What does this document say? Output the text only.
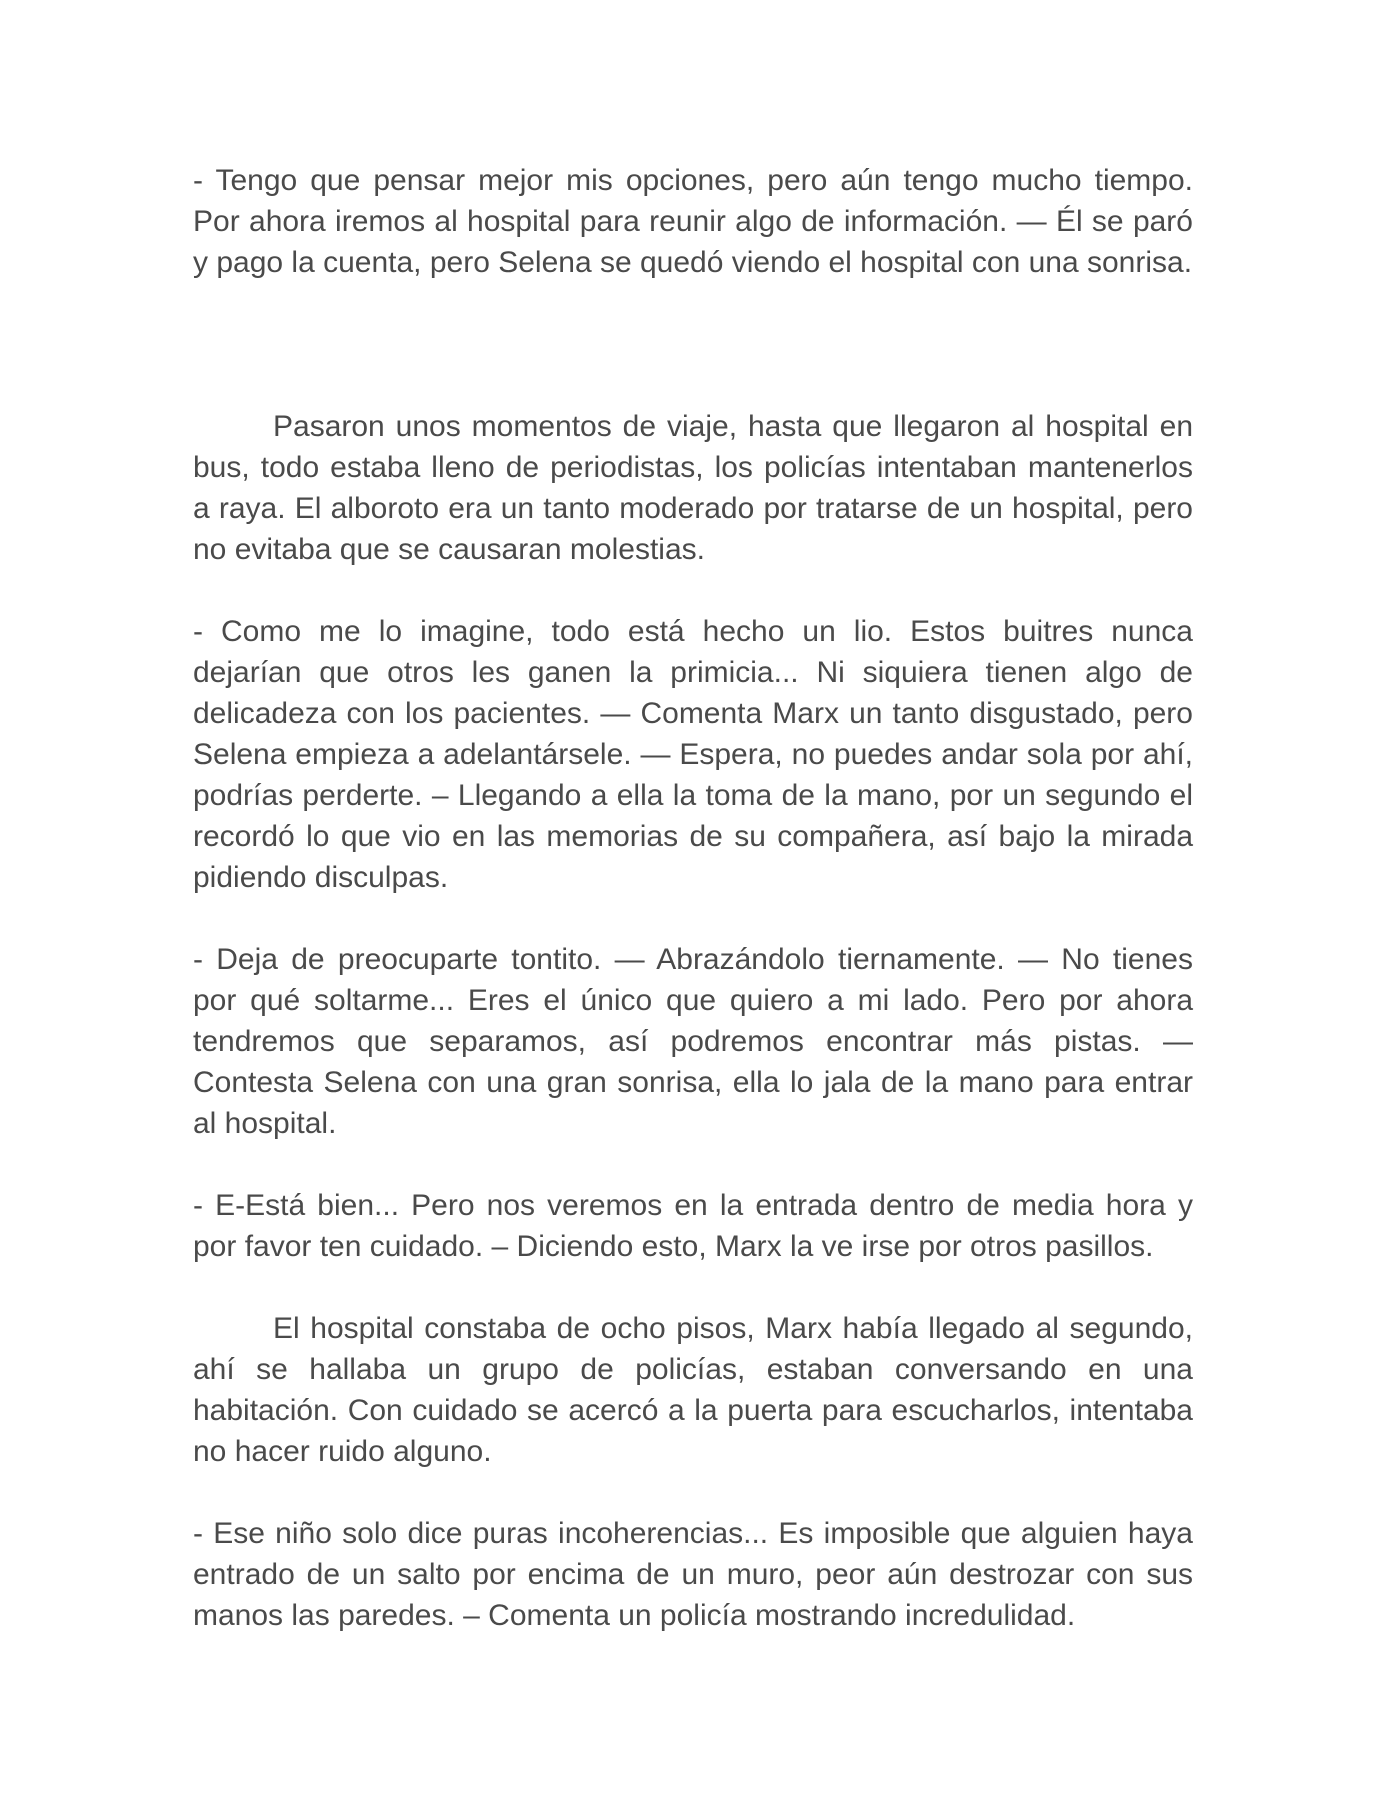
- Tengo que pensar mejor mis opciones, pero aún tengo mucho tiempo. Por ahora iremos al hospital para reunir algo de información. — Él se paró y pago la cuenta, pero Selena se quedó viendo el hospital con una sonrisa.

Pasaron unos momentos de viaje, hasta que llegaron al hospital en bus, todo estaba lleno de periodistas, los policías intentaban mantenerlos a raya. El alboroto era un tanto moderado por tratarse de un hospital, pero no evitaba que se causaran molestias.

- Como me lo imagine, todo está hecho un lio. Estos buitres nunca dejarían que otros les ganen la primicia... Ni siquiera tienen algo de delicadeza con los pacientes. — Comenta Marx un tanto disgustado, pero Selena empieza a adelantársele. — Espera, no puedes andar sola por ahí, podrías perderte. – Llegando a ella la toma de la mano, por un segundo el recordó lo que vio en las memorias de su compañera, así bajo la mirada pidiendo disculpas.

- Deja de preocuparte tontito. — Abrazándolo tiernamente. — No tienes por qué soltarme... Eres el único que quiero a mi lado. Pero por ahora tendremos que separamos, así podremos encontrar más pistas. — Contesta Selena con una gran sonrisa, ella lo jala de la mano para entrar al hospital.

- E-Está bien... Pero nos veremos en la entrada dentro de media hora y por favor ten cuidado. – Diciendo esto, Marx la ve irse por otros pasillos.

El hospital constaba de ocho pisos, Marx había llegado al segundo, ahí se hallaba un grupo de policías, estaban conversando en una habitación. Con cuidado se acercó a la puerta para escucharlos, intentaba no hacer ruido alguno.

- Ese niño solo dice puras incoherencias... Es imposible que alguien haya entrado de un salto por encima de un muro, peor aún destrozar con sus manos las paredes. – Comenta un policía mostrando incredulidad.
